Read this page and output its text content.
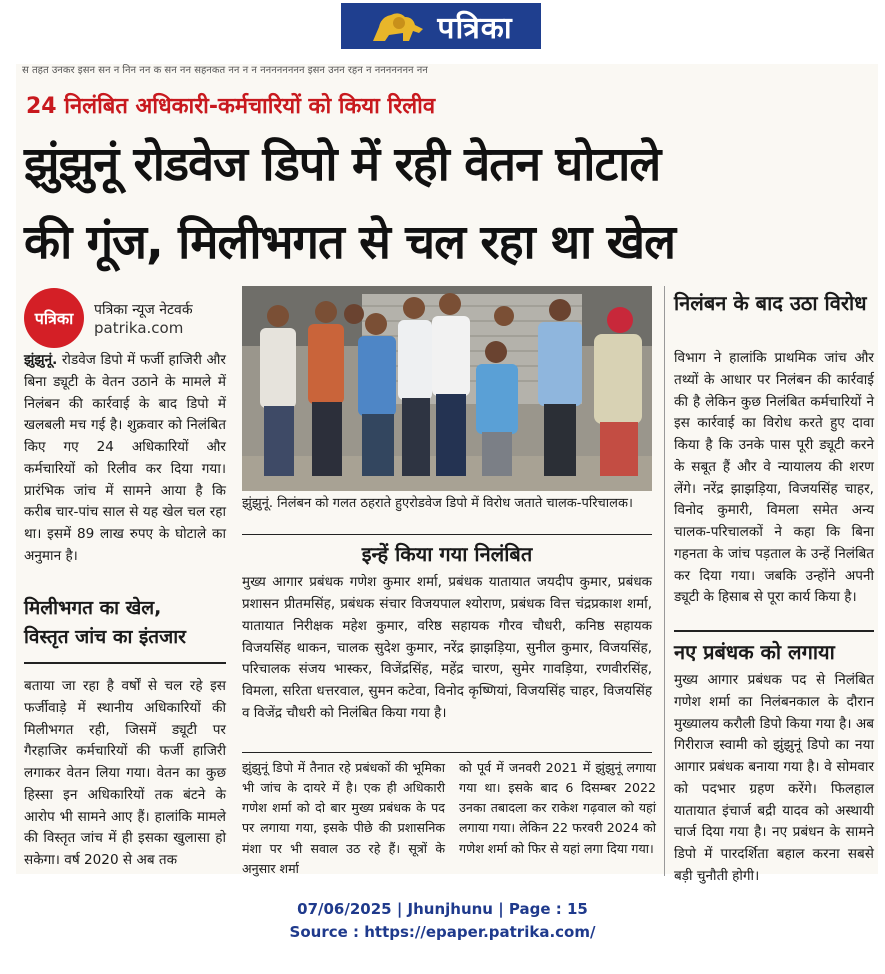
पत्रिका
स तहत उनकर इसन सन न निन नन क सन नन सहनकत नन न न नननननननन इसन उनन रहन न ननननननन नन
24 निलंबित अधिकारी-कर्मचारियों को किया रिलीव
झुंझुनूं रोडवेज डिपो में रही वेतन घोटाले
की गूंज, मिलीभगत से चल रहा था खेल
पत्रिका	पत्रिका न्यूज नेटवर्क
patrika.com
झुंझुनूं. रोडवेज डिपो में फर्जी हाजिरी और बिना ड्यूटी के वेतन उठाने के मामले में निलंबन की कार्रवाई के बाद डिपो में खलबली मच गई है। शुक्रवार को निलंबित किए गए 24 अधिकारियों और कर्मचारियों को रिलीव कर दिया गया। प्रारंभिक जांच में सामने आया है कि करीब चार-पांच साल से यह खेल चल रहा था। इसमें 89 लाख रुपए के घोटाले का अनुमान है।
मिलीभगत का खेल,
विस्तृत जांच का इंतजार
बताया जा रहा है वर्षों से चल रहे इस फर्जीवाड़े में स्थानीय अधिकारियों की मिलीभगत रही, जिसमें ड्यूटी पर गैरहाजिर कर्मचारियों की फर्जी हाजिरी लगाकर वेतन लिया गया। वेतन का कुछ हिस्सा इन अधिकारियों तक बंटने के आरोप भी सामने आए हैं। हालांकि मामले की विस्तृत जांच में ही इसका खुलासा हो सकेगा। वर्ष 2020 से अब तक
झुंझुनूं. निलंबन को गलत ठहराते हुएरोडवेज डिपो में विरोध जताते चालक-परिचालक।
इन्हें किया गया निलंबित
मुख्य आगार प्रबंधक गणेश कुमार शर्मा, प्रबंधक यातायात जयदीप कुमार, प्रबंधक प्रशासन प्रीतमसिंह, प्रबंधक संचार विजयपाल श्योराण, प्रबंधक वित्त चंद्रप्रकाश शर्मा, यातायात निरीक्षक महेश कुमार, वरिष्ठ सहायक गौरव चौधरी, कनिष्ठ सहायक विजयसिंह थाकन, चालक सुदेश कुमार, नरेंद्र झाझड़िया, सुनील कुमार, विजयसिंह, परिचालक संजय भास्कर, विजेंद्रसिंह, महेंद्र चारण, सुमेर गावड़िया, रणवीरसिंह, विमला, सरिता धत्तरवाल, सुमन कटेवा, विनोद कृष्णियां, विजयसिंह चाहर, विजयसिंह व विजेंद्र चौधरी को निलंबित किया गया है।
झुंझुनूं डिपो में तैनात रहे प्रबंधकों की भूमिका भी जांच के दायरे में है। एक ही अधिकारी गणेश शर्मा को दो बार मुख्य प्रबंधक के पद पर लगाया गया, इसके पीछे की प्रशासनिक मंशा पर भी सवाल उठ रहे हैं। सूत्रों के अनुसार शर्मा
को पूर्व में जनवरी 2021 में झुंझुनूं लगाया गया था। इसके बाद 6 दिसम्बर 2022 उनका तबादला कर राकेश गढ़वाल को यहां लगाया गया। लेकिन 22 फरवरी 2024 को गणेश शर्मा को फिर से यहां लगा दिया गया।
निलंबन के बाद उठा विरोध
विभाग ने हालांकि प्राथमिक जांच और तथ्यों के आधार पर निलंबन की कार्रवाई की है लेकिन कुछ निलंबित कर्मचारियों ने इस कार्रवाई का विरोध करते हुए दावा किया है कि उनके पास पूरी ड्यूटी करने के सबूत हैं और वे न्यायालय की शरण लेंगे। नरेंद्र झाझड़िया, विजयसिंह चाहर, विनोद कुमारी, विमला समेत अन्य चालक-परिचालकों ने कहा कि बिना गहनता के जांच पड़ताल के उन्हें निलंबित कर दिया गया। जबकि उन्होंने अपनी ड्यूटी के हिसाब से पूरा कार्य किया है।
नए प्रबंधक को लगाया
मुख्य आगार प्रबंधक पद से निलंबित गणेश शर्मा का निलंबनकाल के दौरान मुख्यालय करौली डिपो किया गया है। अब गिरीराज स्वामी को झुंझुनूं डिपो का नया आगार प्रबंधक बनाया गया है। वे सोमवार को पदभार ग्रहण करेंगे। फिलहाल यातायात इंचार्ज बद्री यादव को अस्थायी चार्ज दिया गया है। नए प्रबंधन के सामने डिपो में पारदर्शिता बहाल करना सबसे बड़ी चुनौती होगी।
07/06/2025 | Jhunjhunu | Page : 15
Source : https://epaper.patrika.com/
